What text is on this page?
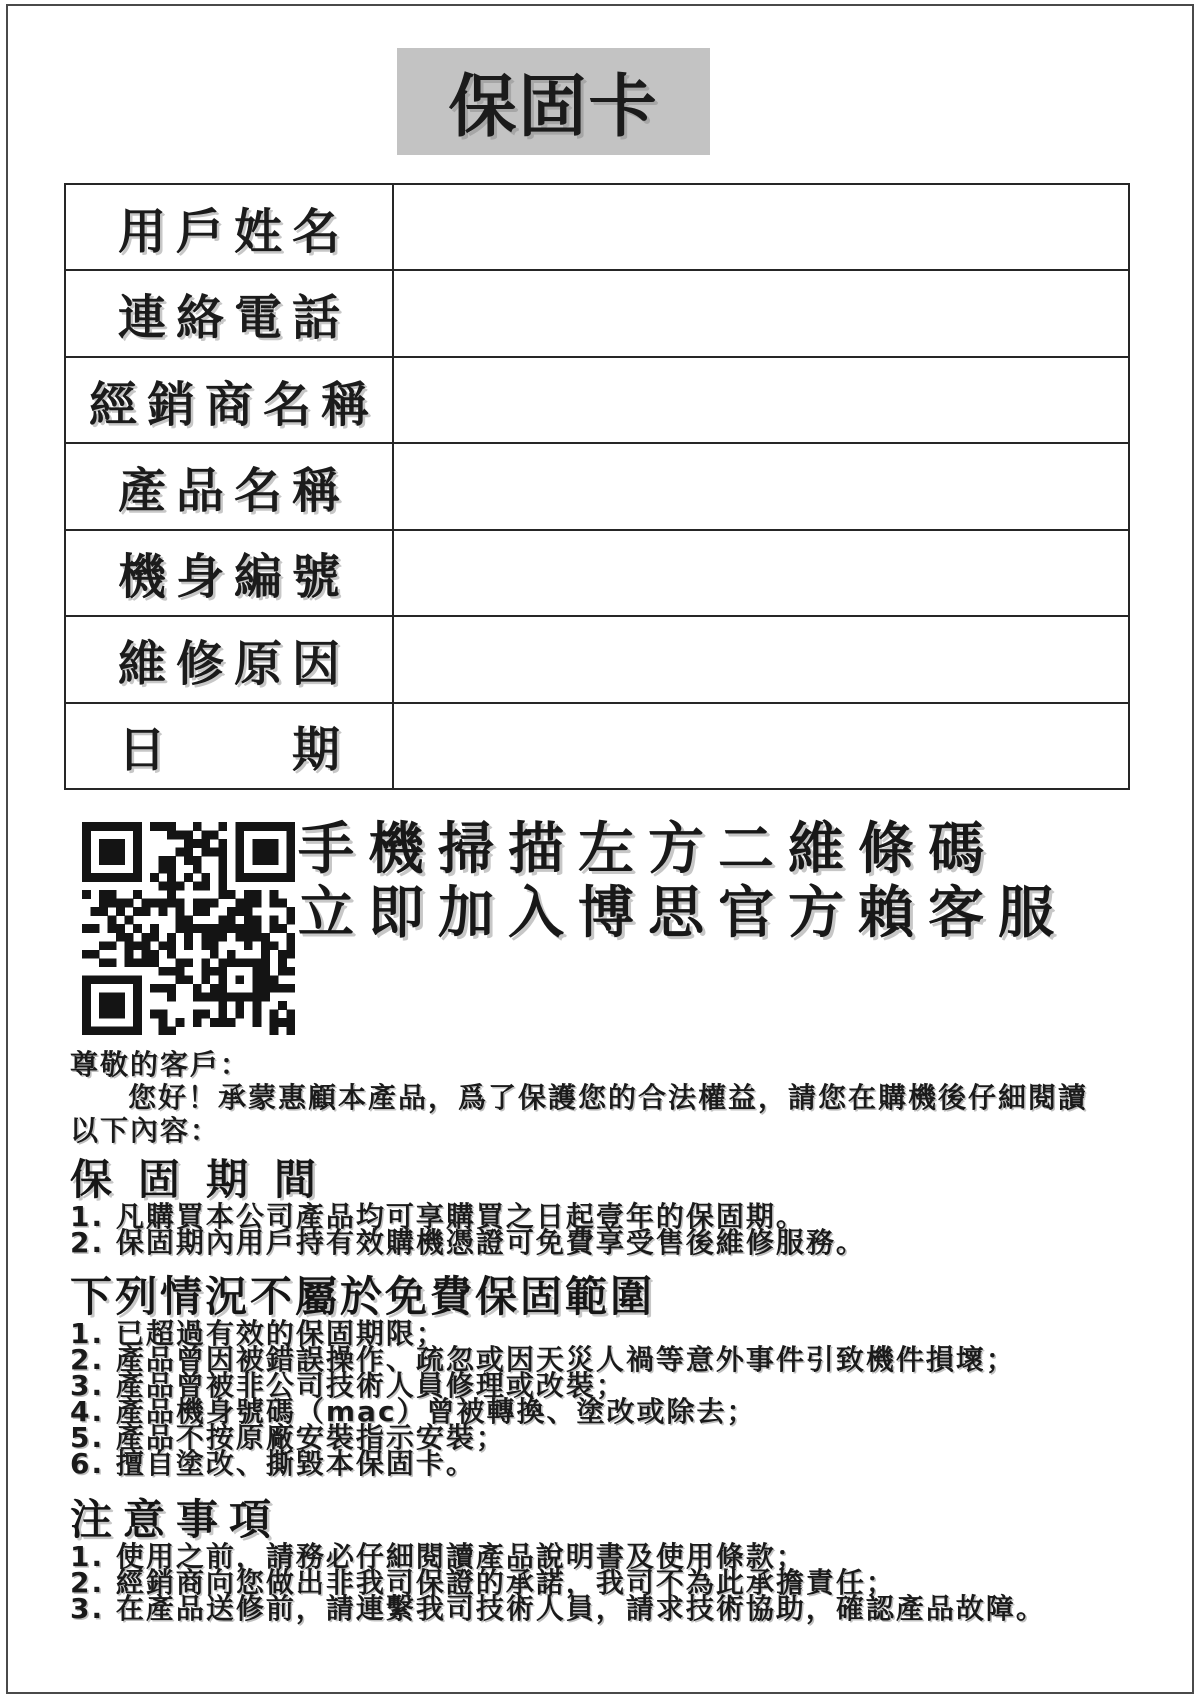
保固卡
用戶姓名
連絡電話
經銷商名稱
產品名稱
機身編號
維修原因
日　　期
手機掃描左方二維條碼
立即加入博思官方賴客服
尊敬的客戶：
您好！承蒙惠顧本產品，爲了保護您的合法權益，請您在購機後仔細閱讀
以下內容：
保固期間
1. 凡購買本公司產品均可享購買之日起壹年的保固期。
2. 保固期內用戶持有效購機憑證可免費享受售後維修服務。
下列情況不屬於免費保固範圍
1. 已超過有效的保固期限；
2. 產品曾因被錯誤操作、疏忽或因天災人禍等意外事件引致機件損壞；
3. 產品曾被非公司技術人員修理或改裝；
4. 產品機身號碼（mac）曾被轉換、塗改或除去；
5. 產品不按原廠安裝指示安裝；
6. 擅自塗改、撕毀本保固卡。
注意事項
1. 使用之前，請務必仔細閱讀產品說明書及使用條款；
2. 經銷商向您做出非我司保證的承諾，我司不為此承擔責任；
3. 在產品送修前，請連繫我司技術人員，請求技術協助，確認產品故障。
